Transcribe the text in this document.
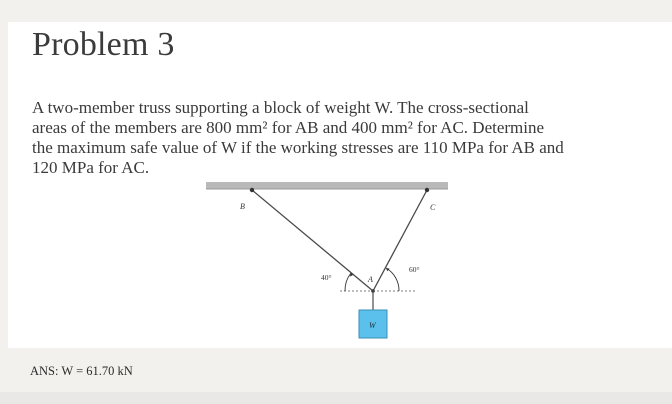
Problem 3
A two-member truss supporting a block of weight W. The cross-sectional
areas of the members are 800 mm² for AB and 400 mm² for AC. Determine
the maximum safe value of W if the working stresses are 110 MPa for AB and
120 MPa for AC.
B	C
A
40°
60°
W
ANS: W = 61.70 kN
